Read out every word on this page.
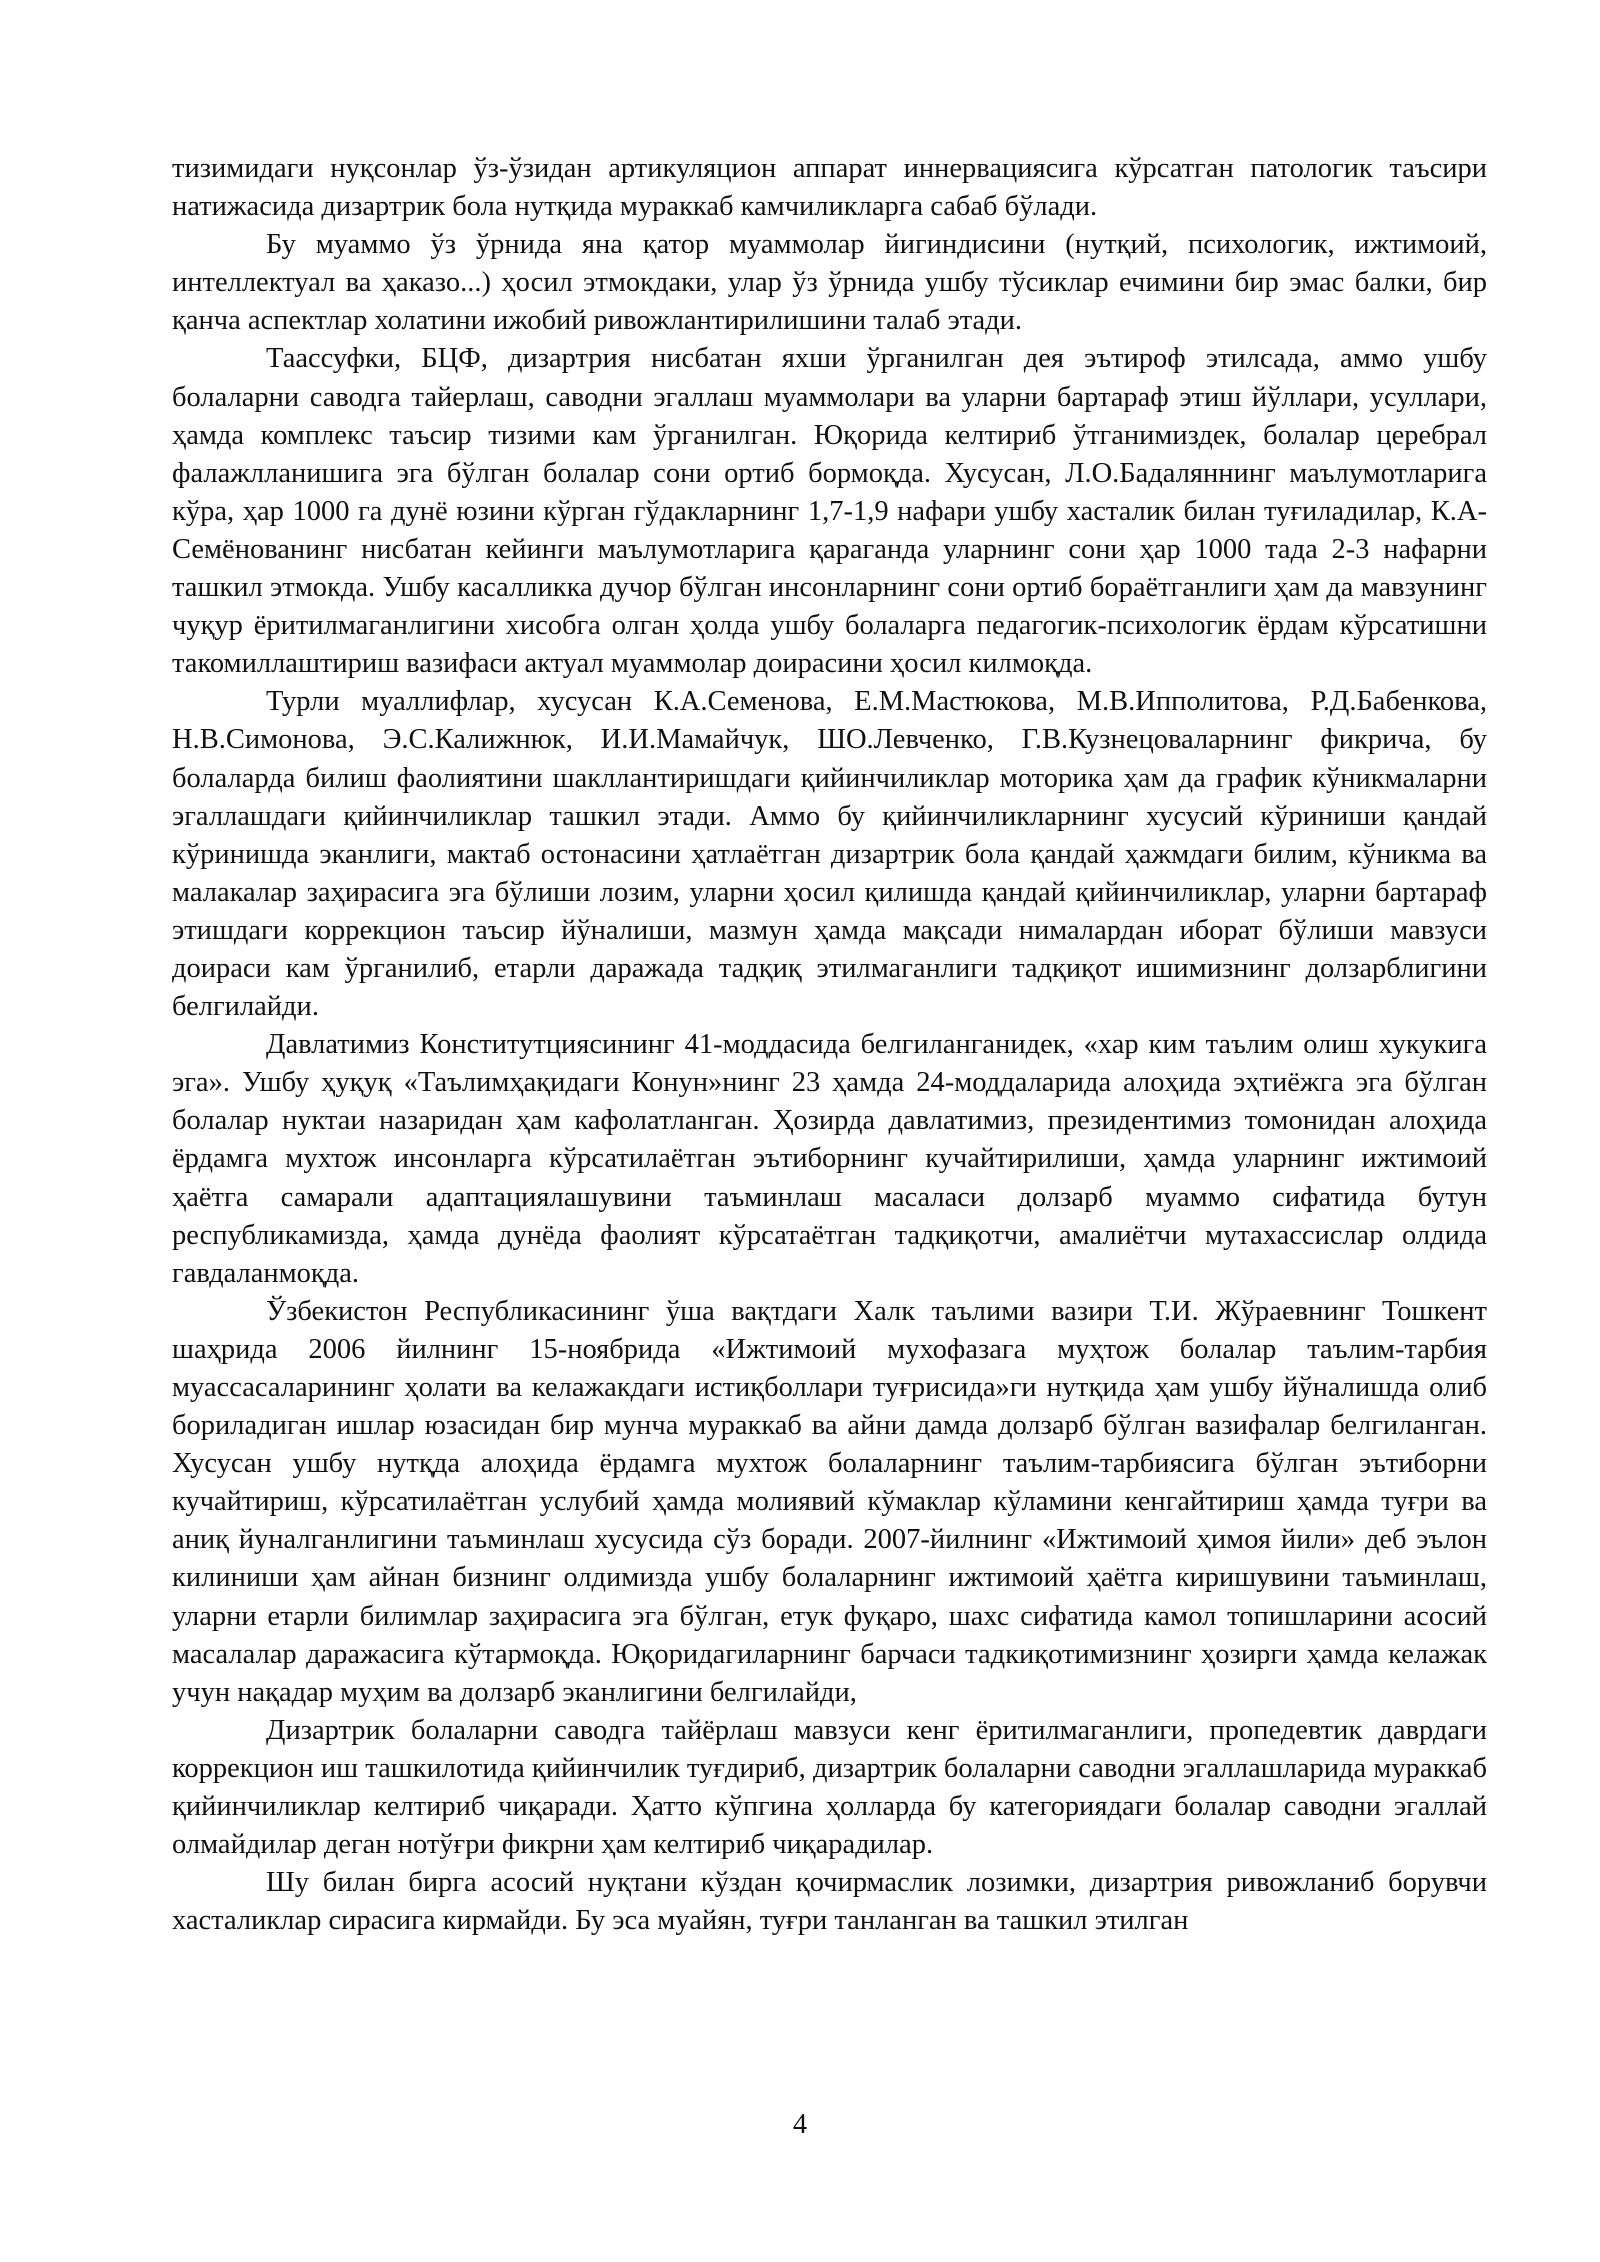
тизимидаги нуқсонлар ўз-ўзидан артикуляцион аппарат иннервациясига кўрсатган патологик таъсири натижасида дизартрик бола нутқида мураккаб камчиликларга сабаб бўлади.

Бу муаммо ўз ўрнида яна қатор муаммолар йигиндисини (нутқий, психологик, ижтимоий, интеллектуал ва ҳаказо...) ҳосил этмокдаки, улар ўз ўрнида ушбу тўсиклар ечимини бир эмас балки, бир қанча аспектлар холатини ижобий ривожлантирилишини талаб этади.

Таассуфки, БЦФ, дизартрия нисбатан яхши ўрганилган дея эътироф этилсада, аммо ушбу болаларни саводга тайерлаш, саводни эгаллаш муаммолари ва уларни бартараф этиш йўллари, усуллари, ҳамда комплекс таъсир тизими кам ўрганилган. Юқорида келтириб ўтганимиздек, болалар церебрал фалажлланишига эга бўлган болалар сони ортиб бормоқда. Хусусан, Л.О.Бадаляннинг маълумотларига кўра, ҳар 1000 га дунё юзини кўрган гўдакларнинг 1,7-1,9 нафари ушбу хасталик билан туғиладилар, К.А-Семёнованинг нисбатан кейинги маълумотларига қараганда уларнинг сони ҳар 1000 тада 2-3 нафарни ташкил этмокда. Ушбу касалликка дучор бўлган инсонларнинг сони ортиб бораётганлиги ҳам да мавзунинг чуқур ёритилмаганлигини хисобга олган ҳолда ушбу болаларга педагогик-психологик ёрдам кўрсатишни такомиллаштириш вазифаси актуал муаммолар доирасини ҳосил килмоқда.

Турли муаллифлар, хусусан К.А.Семенова, Е.М.Мастюкова, М.В.Ипполитова, Р.Д.Бабенкова, Н.В.Симонова, Э.С.Калижнюк, И.И.Мамайчук, ШО.Левченко, Г.В.Кузнецоваларнинг фикрича, бу болаларда билиш фаолиятини шакллантиришдаги қийинчиликлар моторика ҳам да график кўникмаларни эгаллашдаги қийинчиликлар ташкил этади. Аммо бу қийинчиликларнинг хусусий кўриниши қандай кўринишда эканлиги, мактаб остонасини ҳатлаётган дизартрик бола қандай ҳажмдаги билим, кўникма ва малакалар заҳирасига эга бўлиши лозим, уларни ҳосил қилишда қандай қийинчиликлар, уларни бартараф этишдаги коррекцион таъсир йўналиши, мазмун ҳамда мақсади нималардан иборат бўлиши мавзуси доираси кам ўрганилиб, етарли даражада тадқиқ этилмаганлиги тадқиқот ишимизнинг долзарблигини белгилайди.

Давлатимиз Конститутциясининг 41-моддасида белгиланганидек, «хар ким таълим олиш хукукига эга». Ушбу ҳуқуқ «Таълимҳақидаги Конун»нинг 23 ҳамда 24-моддаларида алоҳида эҳтиёжга эга бўлган болалар нуктаи назаридан ҳам кафолатланган. Ҳозирда давлатимиз, президентимиз томонидан алоҳида ёрдамга мухтож инсонларга кўрсатилаётган эътиборнинг кучайтирилиши, ҳамда уларнинг ижтимоий ҳаётга самарали адаптациялашувини таъминлаш масаласи долзарб муаммо сифатида бутун республикамизда, ҳамда дунёда фаолият кўрсатаётган тадқиқотчи, амалиётчи мутахассислар олдида гавдаланмоқда.

Ўзбекистон Республикасининг ўша вақтдаги Халк таълими вазири Т.И. Жўраевнинг Тошкент шаҳрида 2006 йилнинг 15-ноябрида «Ижтимоий мухофазага муҳтож болалар таълим-тарбия муассасаларининг ҳолати ва келажакдаги истиқболлари туғрисида»ги нутқида ҳам ушбу йўналишда олиб бориладиган ишлар юзасидан бир мунча мураккаб ва айни дамда долзарб бўлган вазифалар белгиланган. Хусусан ушбу нутқда алоҳида ёрдамга мухтож болаларнинг таълим-тарбиясига бўлган эътиборни кучайтириш, кўрсатилаётган услубий ҳамда молиявий кўмаклар кўламини кенгайтириш ҳамда туғри ва аниқ йуналганлигини таъминлаш хусусида сўз боради. 2007-йилнинг «Ижтимоий ҳимоя йили» деб эълон килиниши ҳам айнан бизнинг олдимизда ушбу болаларнинг ижтимоий ҳаётга киришувини таъминлаш, уларни етарли билимлар заҳирасига эга бўлган, етук фуқаро, шахс сифатида камол топишларини асосий масалалар даражасига кўтармоқда. Юқоридагиларнинг барчаси тадкиқотимизнинг ҳозирги ҳамда келажак учун нақадар муҳим ва долзарб эканлигини белгилайди,

Дизартрик болаларни саводга тайёрлаш мавзуси кенг ёритилмаганлиги, пропедевтик даврдаги коррекцион иш ташкилотида қийинчилик туғдириб, дизартрик болаларни саводни эгаллашларида мураккаб қийинчиликлар келтириб чиқаради. Ҳатто кўпгина ҳолларда бу категориядаги болалар саводни эгаллай олмайдилар деган нотўғри фикрни ҳам келтириб чиқарадилар.

Шу билан бирга асосий нуқтани кўздан қочирмаслик лозимки, дизартрия ривожланиб борувчи хасталиклар сирасига кирмайди. Бу эса муайян, туғри танланган ва ташкил этилган

4
